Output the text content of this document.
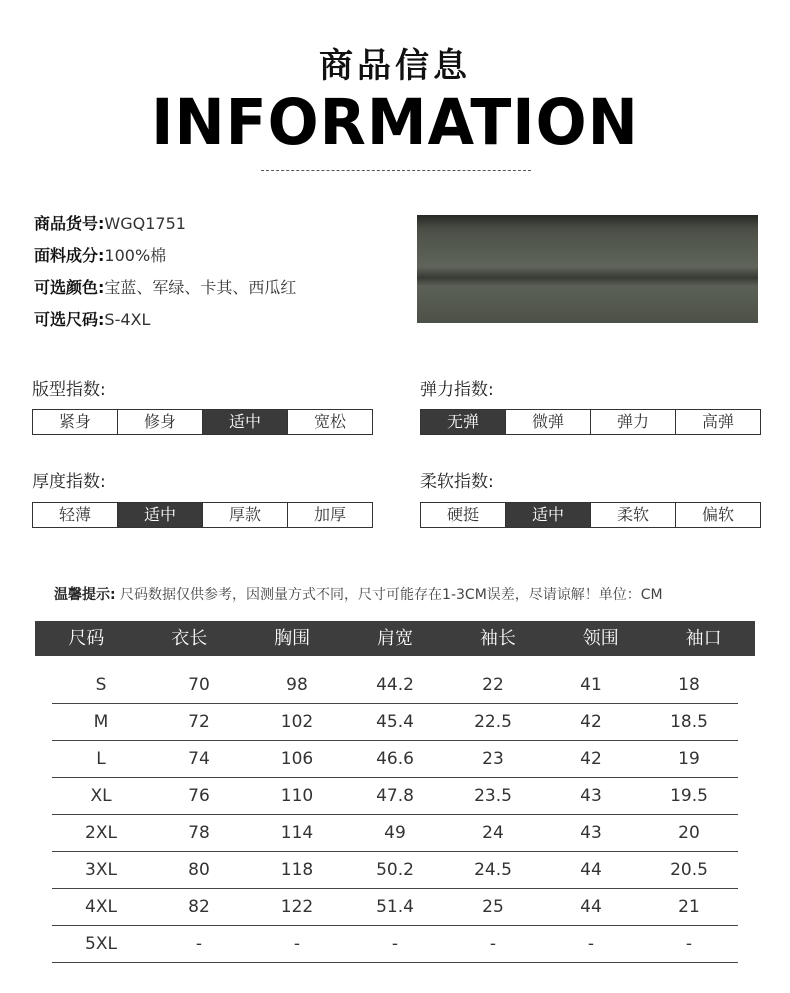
商品信息
INFORMATION
商品货号:WGQ1751
面料成分:100%棉
可选颜色:宝蓝、军绿、卡其、西瓜红
可选尺码:S-4XL
版型指数:
紧身	修身	适中	宽松
弹力指数:
无弹	微弹	弹力	高弹
厚度指数:
轻薄	适中	厚款	加厚
柔软指数:
硬挺	适中	柔软	偏软
温馨提示: 尺码数据仅供参考，因测量方式不同，尺寸可能存在1-3CM误差，尽请谅解！单位：CM
尺码	衣长	胸围	肩宽	袖长	领围	袖口
S	70	98	44.2	22	41	18
M	72	102	45.4	22.5	42	18.5
L	74	106	46.6	23	42	19
XL	76	110	47.8	23.5	43	19.5
2XL	78	114	49	24	43	20
3XL	80	118	50.2	24.5	44	20.5
4XL	82	122	51.4	25	44	21
5XL	-	-	-	-	-	-
